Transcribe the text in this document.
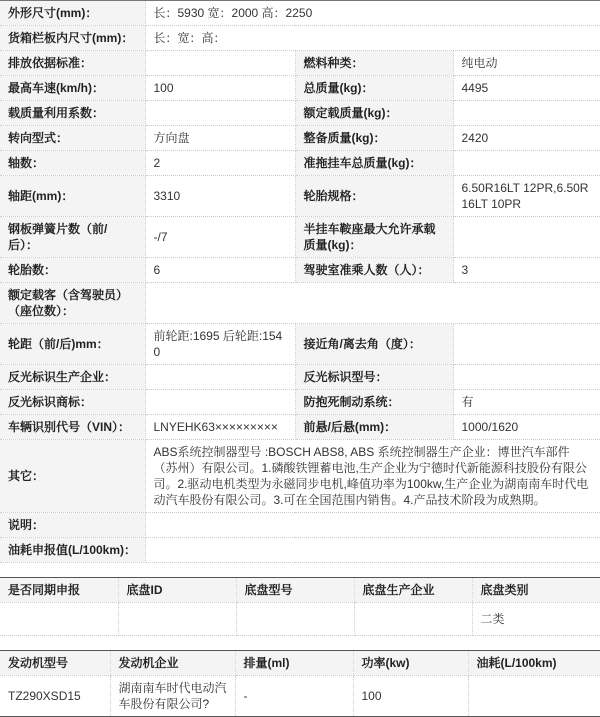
外形尺寸(mm)：	长：5930 宽：2000 高：2250		
货箱栏板内尺寸(mm)：	长：宽：高：		
排放依据标准：		燃料种类：	纯电动
最高车速(km/h)：	100	总质量(kg)：	4495
载质量利用系数：		额定载质量(kg)：	
转向型式：	方向盘	整备质量(kg)：	2420
轴数：	2	准拖挂车总质量(kg)：	
轴距(mm)：	3310	轮胎规格：	6.50R16LT 12PR,6.50R16LT 10PR
钢板弹簧片数（前/后）：	-/7	半挂车鞍座最大允许承载质量(kg)：	
轮胎数：	6	驾驶室准乘人数（人）：	3
额定载客（含驾驶员）（座位数）：			
轮距（前/后)mm：	前轮距:1695 后轮距:1540	接近角/离去角（度）：	
反光标识生产企业：		反光标识型号：	
反光标识商标：		防抱死制动系统：	有
车辆识别代号（VIN）：	LNYEHK63×××××××××	前悬/后悬(mm)：	1000/1620
其它：	ABS系统控制器型号 :BOSCH ABS8, ABS 系统控制器生产企业：博世汽车部件（苏州）有限公司。1.磷酸铁锂蓄电池,生产企业为宁德时代新能源科技股份有限公司。2.驱动电机类型为永磁同步电机,峰值功率为100kw,生产企业为湖南南车时代电动汽车股份有限公司。3.可在全国范围内销售。4.产品技术阶段为成熟期。		
说明：			
油耗申报值(L/100km)：			
是否同期申报	底盘ID	底盘型号	底盘生产企业	底盘类别
				二类
发动机型号	发动机企业	排量(ml)	功率(kw)	油耗(L/100km)
TZ290XSD15	湖南南车时代电动汽车股份有限公司?	-	100	
